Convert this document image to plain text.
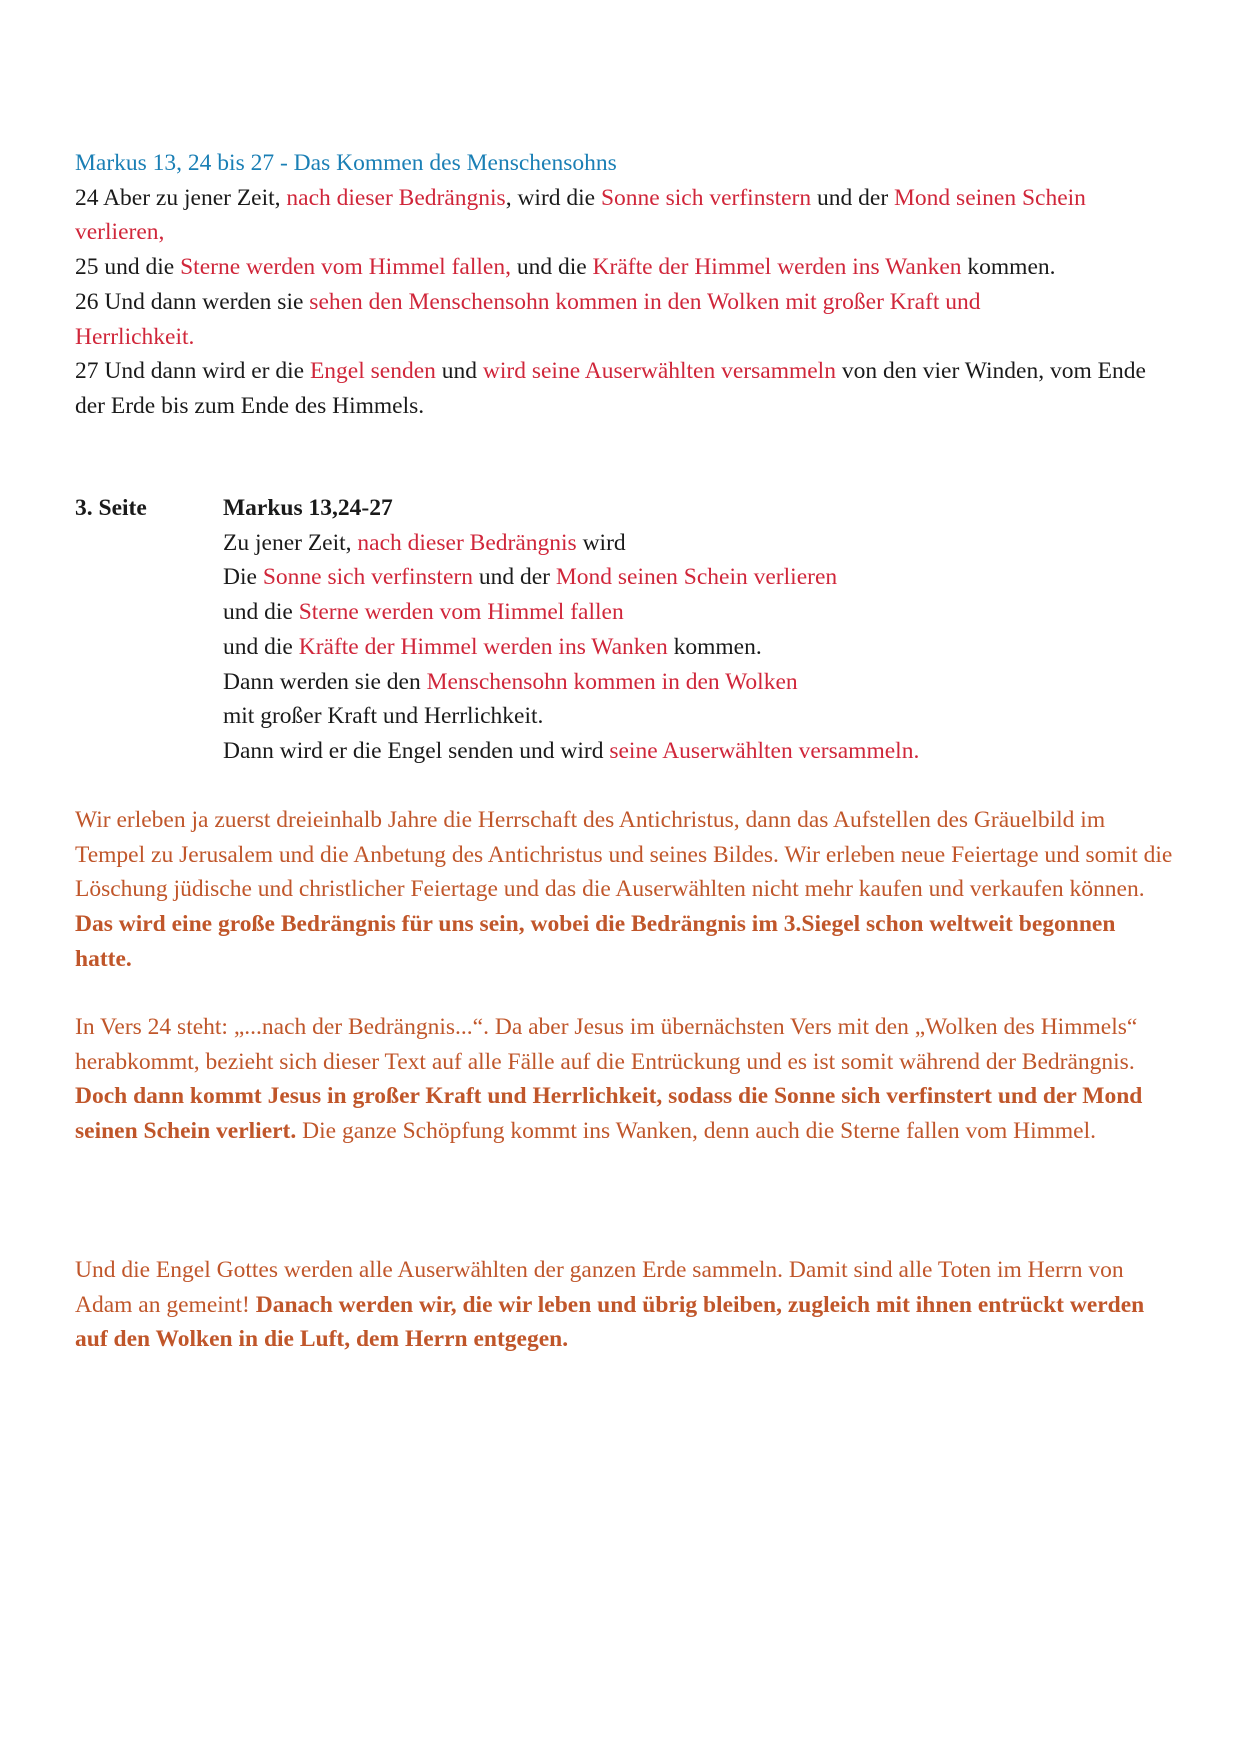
Markus 13, 24 bis 27 - Das Kommen des Menschensohns

24 Aber zu jener Zeit, nach dieser Bedrängnis, wird die Sonne sich verfinstern und der Mond seinen Schein verlieren,

25 und die Sterne werden vom Himmel fallen, und die Kräfte der Himmel werden ins Wanken kommen.

26 Und dann werden sie sehen den Menschensohn kommen in den Wolken mit großer Kraft und Herrlichkeit.

27 Und dann wird er die Engel senden und wird seine Auserwählten versammeln von den vier Winden, vom Ende der Erde bis zum Ende des Himmels.

3. Seite	Markus 13,24-27

Zu jener Zeit, nach dieser Bedrängnis wird

Die Sonne sich verfinstern und der Mond seinen Schein verlieren

und die Sterne werden vom Himmel fallen

und die Kräfte der Himmel werden ins Wanken kommen.

Dann werden sie den Menschensohn kommen in den Wolken

mit großer Kraft und Herrlichkeit.

Dann wird er die Engel senden und wird seine Auserwählten versammeln.

Wir erleben ja zuerst dreieinhalb Jahre die Herrschaft des Antichristus, dann das Aufstellen des Gräuelbild im Tempel zu Jerusalem und die Anbetung des Antichristus und seines Bildes. Wir erleben neue Feiertage und somit die Löschung jüdische und christlicher Feiertage und das die Auserwählten nicht mehr kaufen und verkaufen können. Das wird eine große Bedrängnis für uns sein, wobei die Bedrängnis im 3.Siegel schon weltweit begonnen hatte.

In Vers 24 steht: „...nach der Bedrängnis...“. Da aber Jesus im übernächsten Vers mit den „Wolken des Himmels“ herabkommt, bezieht sich dieser Text auf alle Fälle auf die Entrückung und es ist somit während der Bedrängnis.

Doch dann kommt Jesus in großer Kraft und Herrlichkeit, sodass die Sonne sich verfinstert und der Mond seinen Schein verliert. Die ganze Schöpfung kommt ins Wanken, denn auch die Sterne fallen vom Himmel.

Und die Engel Gottes werden alle Auserwählten der ganzen Erde sammeln. Damit sind alle Toten im Herrn von Adam an gemeint! Danach werden wir, die wir leben und übrig bleiben, zugleich mit ihnen entrückt werden auf den Wolken in die Luft, dem Herrn entgegen.
